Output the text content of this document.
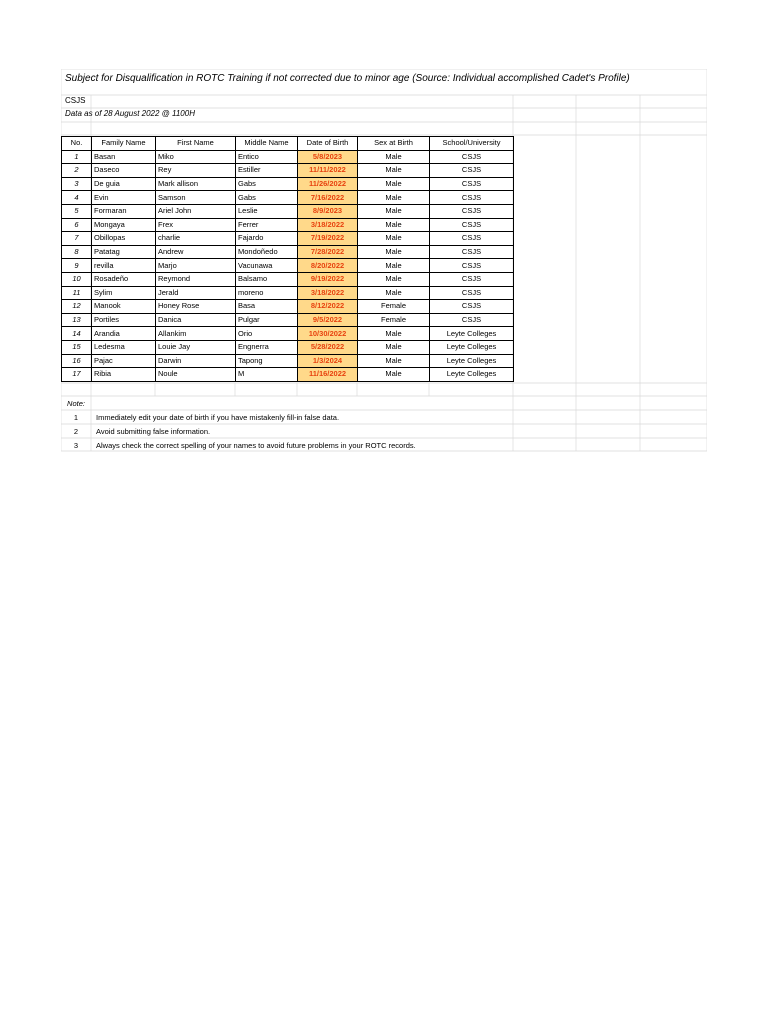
Subject for Disqualification in ROTC Training if not corrected due to minor age (Source: Individual accomplished Cadet's Profile)
CSJS
Data as of 28 August 2022 @ 1100H
No.	Family Name	First Name	Middle Name	Date of Birth	Sex at Birth	School/University
1	Basan	Miko	Entico	5/8/2023	Male	CSJS
2	Daseco	Rey	Estiller	11/11/2022	Male	CSJS
3	De guia	Mark allison	Gabs	11/26/2022	Male	CSJS
4	Evin	Samson	Gabs	7/16/2022	Male	CSJS
5	Formaran	Ariel John	Leslie	8/9/2023	Male	CSJS
6	Mongaya	Frex	Ferrer	3/18/2022	Male	CSJS
7	Obillopas	charlie	Fajardo	7/19/2022	Male	CSJS
8	Patatag	Andrew	Mondoñedo	7/28/2022	Male	CSJS
9	revilla	Marjo	Vacunawa	8/20/2022	Male	CSJS
10	Rosadeño	Reymond	Balsamo	9/19/2022	Male	CSJS
11	Sylim	Jerald	moreno	3/18/2022	Male	CSJS
12	Manook	Honey Rose	Basa	8/12/2022	Female	CSJS
13	Portiles	Danica	Pulgar	9/5/2022	Female	CSJS
14	Arandia	Allankim	Orio	10/30/2022	Male	Leyte Colleges
15	Ledesma	Louie Jay	Engnerra	5/28/2022	Male	Leyte Colleges
16	Pajac	Darwin	Tapong	1/3/2024	Male	Leyte Colleges
17	Ribia	Noule	M	11/16/2022	Male	Leyte Colleges
Note:
1	Immediately edit your date of birth if you have mistakenly fill-in false data.
2	Avoid submitting false information.
3	Always check the correct spelling of your names to avoid future problems in your ROTC records.
